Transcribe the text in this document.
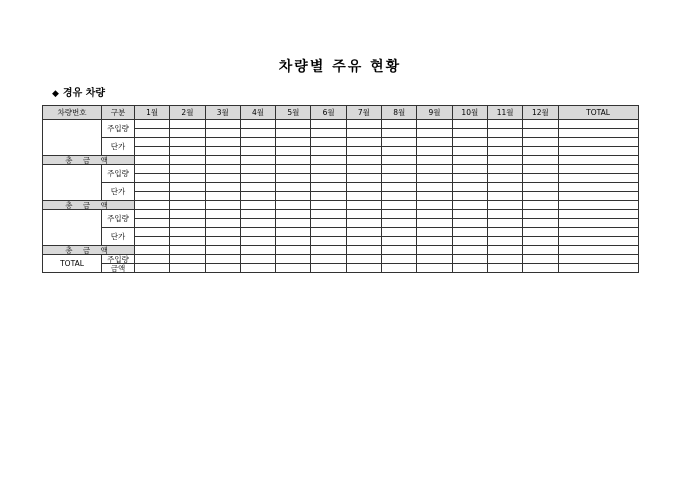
차량별 주유 현황
◆ 경유 차량
차량번호	구분	1월	2월	3월	4월	5월	6월	7월	8월	9월	10월	11월	12월	TOTAL
	주입량													

	단가													

총 금 액														
	주입량													

	단가													

총 금 액														
	주입량													

	단가													

총 금 액														
TOTAL	주입량													
	금액													
